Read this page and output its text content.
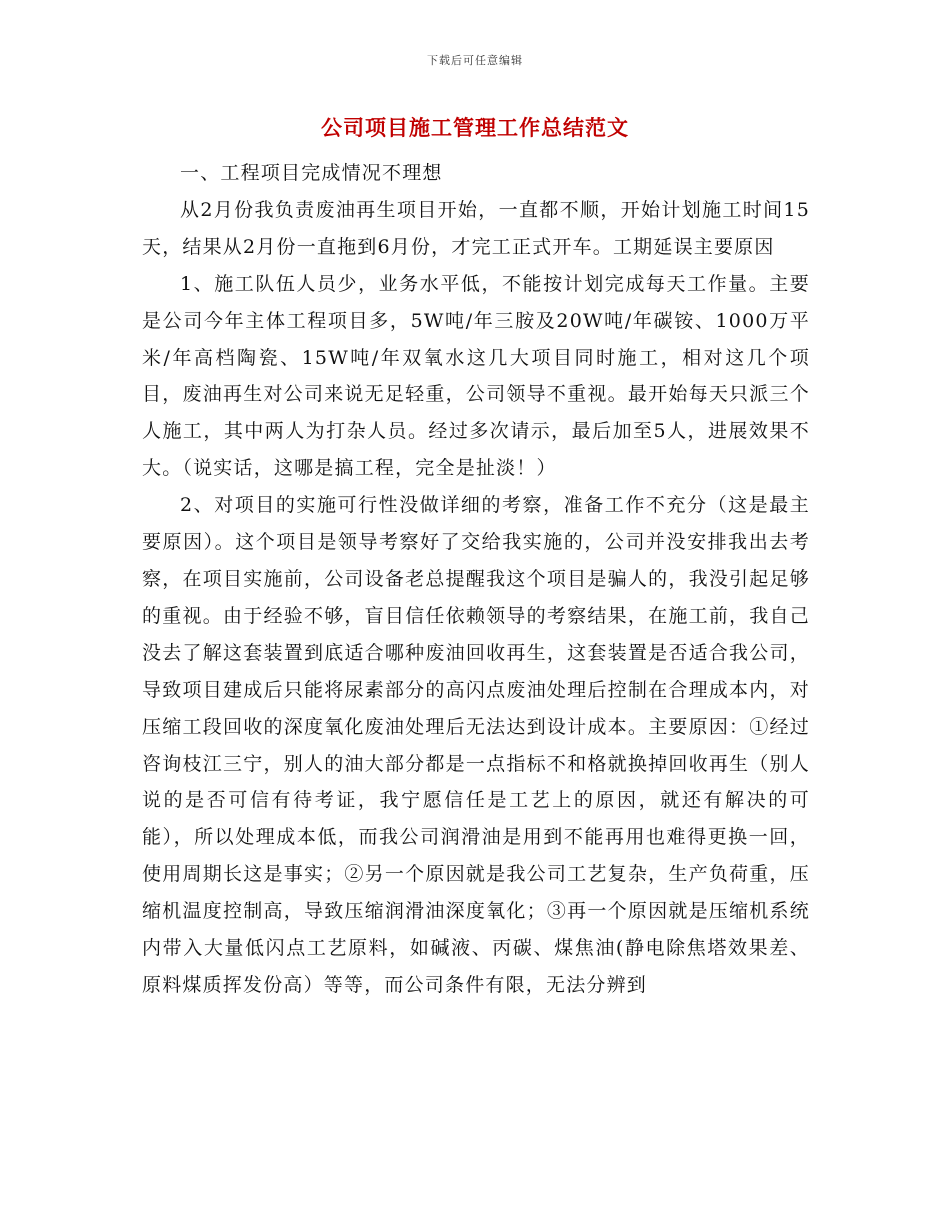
下载后可任意编辑
公司项目施工管理工作总结范文

一、工程项目完成情况不理想

从2月份我负责废油再生项目开始，一直都不顺，开始计划施工时间15天，结果从2月份一直拖到6月份，才完工正式开车。工期延误主要原因

1、施工队伍人员少，业务水平低，不能按计划完成每天工作量。主要是公司今年主体工程项目多，5W吨/年三胺及20W吨/年碳铵、1000万平米/年高档陶瓷、15W吨/年双氧水这几大项目同时施工，相对这几个项目，废油再生对公司来说无足轻重，公司领导不重视。最开始每天只派三个人施工，其中两人为打杂人员。经过多次请示，最后加至5人，进展效果不大。（说实话，这哪是搞工程，完全是扯淡！）

2、对项目的实施可行性没做详细的考察，准备工作不充分（这是最主要原因）。这个项目是领导考察好了交给我实施的，公司并没安排我出去考察，在项目实施前，公司设备老总提醒我这个项目是骗人的，我没引起足够的重视。由于经验不够，盲目信任依赖领导的考察结果，在施工前，我自己没去了解这套装置到底适合哪种废油回收再生，这套装置是否适合我公司，导致项目建成后只能将尿素部分的高闪点废油处理后控制在合理成本内，对压缩工段回收的深度氧化废油处理后无法达到设计成本。主要原因：①经过咨询枝江三宁，别人的油大部分都是一点指标不和格就换掉回收再生（别人说的是否可信有待考证，我宁愿信任是工艺上的原因，就还有解决的可能），所以处理成本低，而我公司润滑油是用到不能再用也难得更换一回，使用周期长这是事实；②另一个原因就是我公司工艺复杂，生产负荷重，压缩机温度控制高，导致压缩润滑油深度氧化；③再一个原因就是压缩机系统内带入大量低闪点工艺原料，如碱液、丙碳、煤焦油(静电除焦塔效果差、原料煤质挥发份高）等等，而公司条件有限，无法分辨到
